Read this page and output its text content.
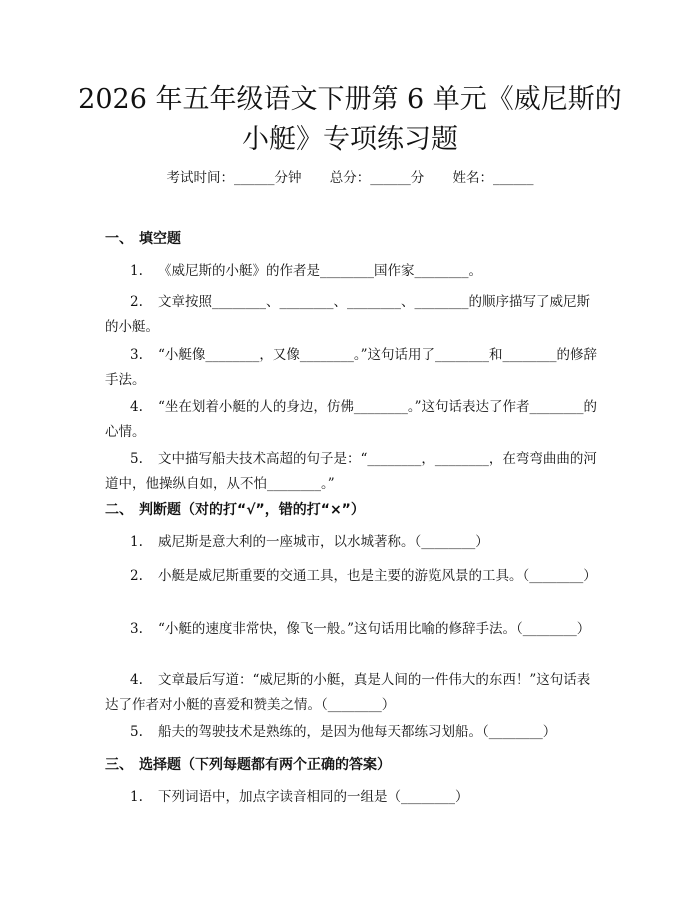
2026 年五年级语文下册第 6 单元《威尼斯的
小艇》专项练习题
考试时间：______分钟 总分：______分 姓名：______
一、 填空题
1. 《威尼斯的小艇》的作者是________国作家________。
2. 文章按照________、________、________、________的顺序描写了威尼斯的小艇。
3. “小艇像________，又像________。”这句话用了________和________的修辞手法。
4. “坐在划着小艇的人的身边，仿佛________。”这句话表达了作者________的心情。
5. 文中描写船夫技术高超的句子是：“________，________，在弯弯曲曲的河道中，他操纵自如，从不怕________。”
二、 判断题（对的打“√”，错的打“×”）
1. 威尼斯是意大利的一座城市，以水城著称。（________）
2. 小艇是威尼斯重要的交通工具，也是主要的游览风景的工具。（________）
3. “小艇的速度非常快，像飞一般。”这句话用比喻的修辞手法。（________）
4. 文章最后写道：“威尼斯的小艇，真是人间的一件伟大的东西！”这句话表达了作者对小艇的喜爱和赞美之情。（________）
5. 船夫的驾驶技术是熟练的，是因为他每天都练习划船。（________）
三、 选择题（下列每题都有两个正确的答案）
1. 下列词语中，加点字读音相同的一组是（________）
